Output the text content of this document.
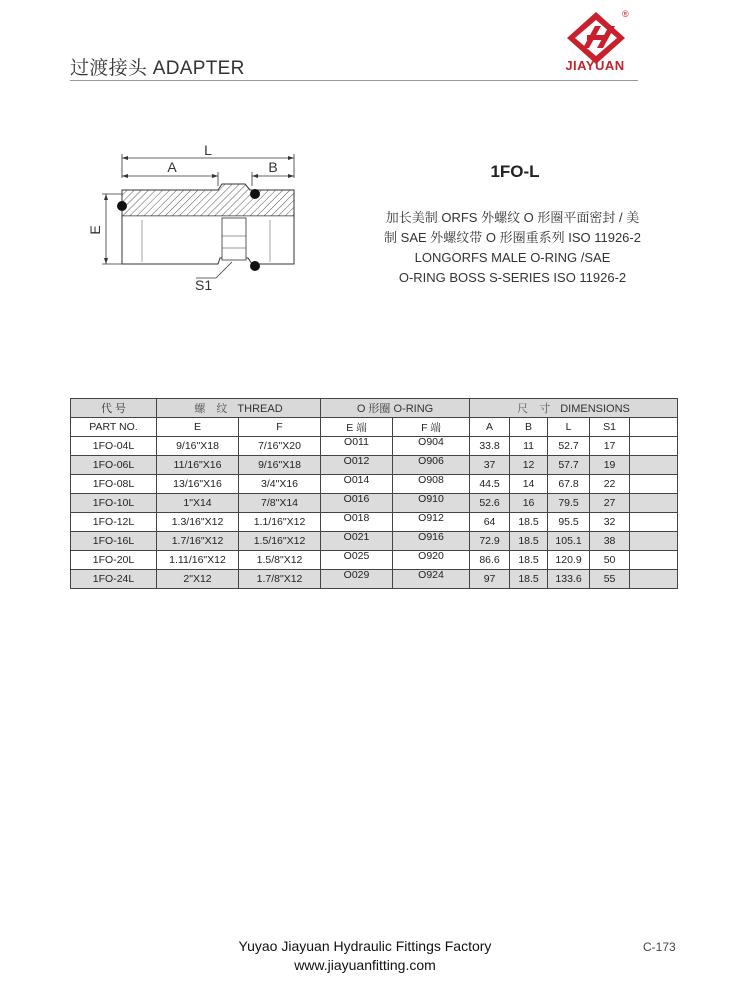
过渡接头 ADAPTER
®
JIAYUAN
L
A	B
E
S1
1FO-L
加长美制 ORFS 外螺纹 O 形圈平面密封 / 美
制 SAE 外螺纹带 O 形圈重系列 ISO 11926-2
LONGORFS MALE O-RING /SAE
O-RING BOSS S-SERIES ISO 11926-2
代 号	螺 纹 THREAD		O 形圈 O-RING		尺 寸 DIMENSIONS				
PART NO.	E	F	E 端	F 端	A	B	L	S1	
1FO-04L	9/16"X18	7/16"X20	O011	O904	33.8	11	52.7	17	
1FO-06L	11/16"X16	9/16"X18	O012	O906	37	12	57.7	19	
1FO-08L	13/16"X16	3/4"X16	O014	O908	44.5	14	67.8	22	
1FO-10L	1"X14	7/8"X14	O016	O910	52.6	16	79.5	27	
1FO-12L	1.3/16"X12	1.1/16"X12	O018	O912	64	18.5	95.5	32	
1FO-16L	1.7/16"X12	1.5/16"X12	O021	O916	72.9	18.5	105.1	38	
1FO-20L	1.11/16"X12	1.5/8"X12	O025	O920	86.6	18.5	120.9	50	
1FO-24L	2"X12	1.7/8"X12	O029	O924	97	18.5	133.6	55	
Yuyao Jiayuan Hydraulic Fittings Factory
www.jiayuanfitting.com
C-173
